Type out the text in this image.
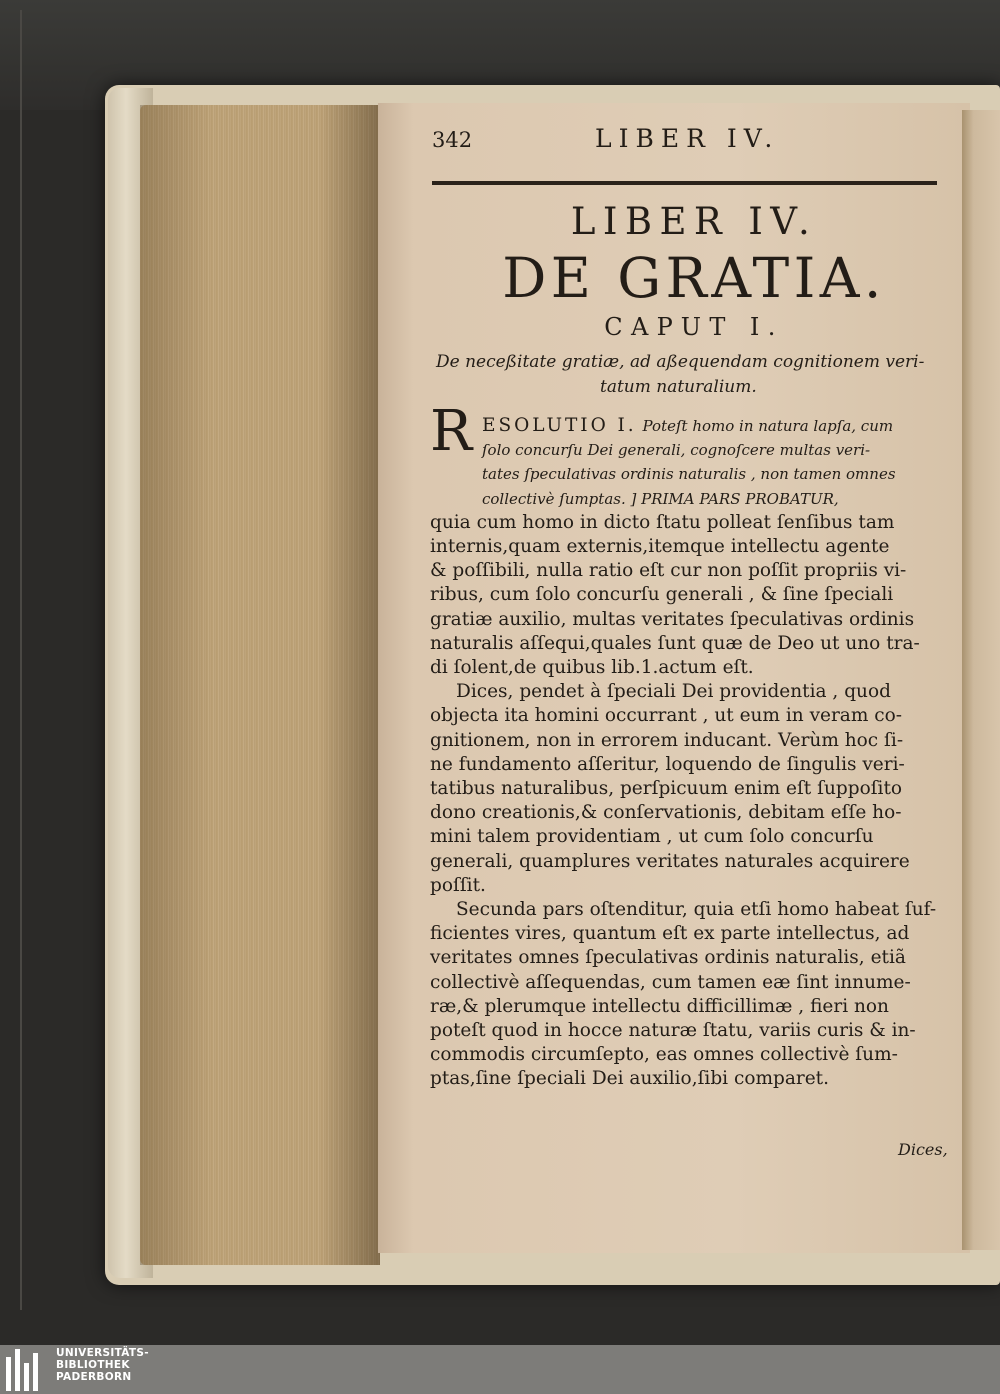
342	LIBER IV.
LIBER IV.
DE GRATIA.
CAPUT I.
De neceßitate gratiæ, ad aßequendam cognitionem veri-
tatum naturalium.
R ESOLUTIO I. Poteſt homo in natura lapſa, cum
ſolo concurſu Dei generali, cognoſcere multas veri-
tates ſpeculativas ordinis naturalis , non tamen omnes
collectivè ſumptas. ] PRIMA PARS PROBATUR,
quia cum homo in dicto ſtatu polleat ſenſibus tam
internis,quam externis,itemque intellectu agente
& poſſibili, nulla ratio eſt cur non poſſit propriis vi-
ribus, cum ſolo concurſu generali , & ſine ſpeciali
gratiæ auxilio, multas veritates ſpeculativas ordinis
naturalis aſſequi,quales ſunt quæ de Deo ut uno tra-
di ſolent,de quibus lib.1.actum eſt.
Dices, pendet à ſpeciali Dei providentia , quod
objecta ita homini occurrant , ut eum in veram co-
gnitionem, non in errorem inducant. Verùm hoc ſi-
ne fundamento aſſeritur, loquendo de ſingulis veri-
tatibus naturalibus, perſpicuum enim eſt ſuppoſito
dono creationis,& conſervationis, debitam eſſe ho-
mini talem providentiam , ut cum ſolo concurſu
generali, quamplures veritates naturales acquirere
poſſit.
Secunda pars oſtenditur, quia etſi homo habeat ſuf-
ficientes vires, quantum eſt ex parte intellectus, ad
veritates omnes ſpeculativas ordinis naturalis, etiã
collectivè aſſequendas, cum tamen eæ ſint innume-
ræ,& plerumque intellectu difficillimæ , fieri non
poteſt quod in hocce naturæ ſtatu, variis curis & in-
commodis circumſepto, eas omnes collectivè ſum-
ptas,ſine ſpeciali Dei auxilio,ſibi comparet.
Dices,
UNIVERSITÄTS-
BIBLIOTHEK
PADERBORN
